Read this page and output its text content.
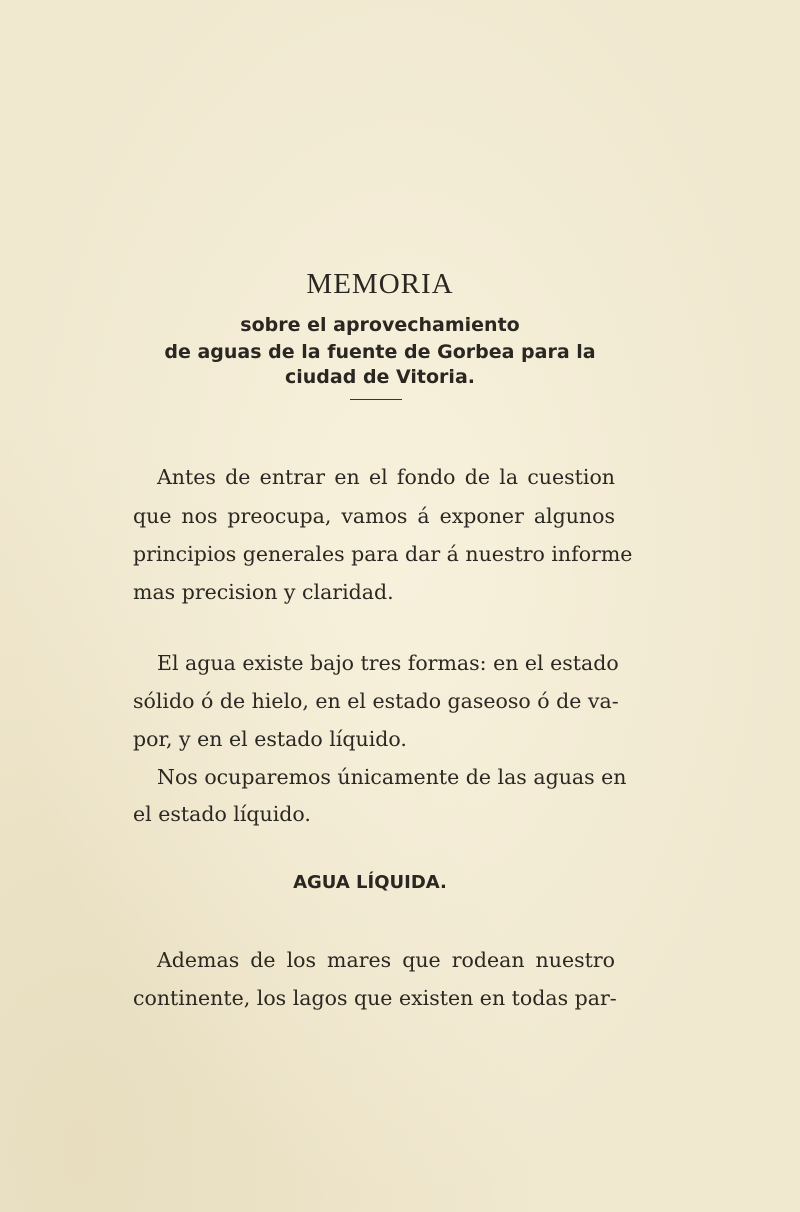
MEMORIA
sobre el aprovechamiento
de aguas de la fuente de Gorbea para la
ciudad de Vitoria.
Antes de entrar en el fondo de la cuestion
que nos preocupa, vamos á exponer algunos
principios generales para dar á nuestro informe
mas precision y claridad.
El agua existe bajo tres formas: en el estado
sólido ó de hielo, en el estado gaseoso ó de va-
por, y en el estado líquido.
Nos ocuparemos únicamente de las aguas en
el estado líquido.
AGUA LÍQUIDA.
Ademas de los mares que rodean nuestro
continente, los lagos que existen en todas par-
